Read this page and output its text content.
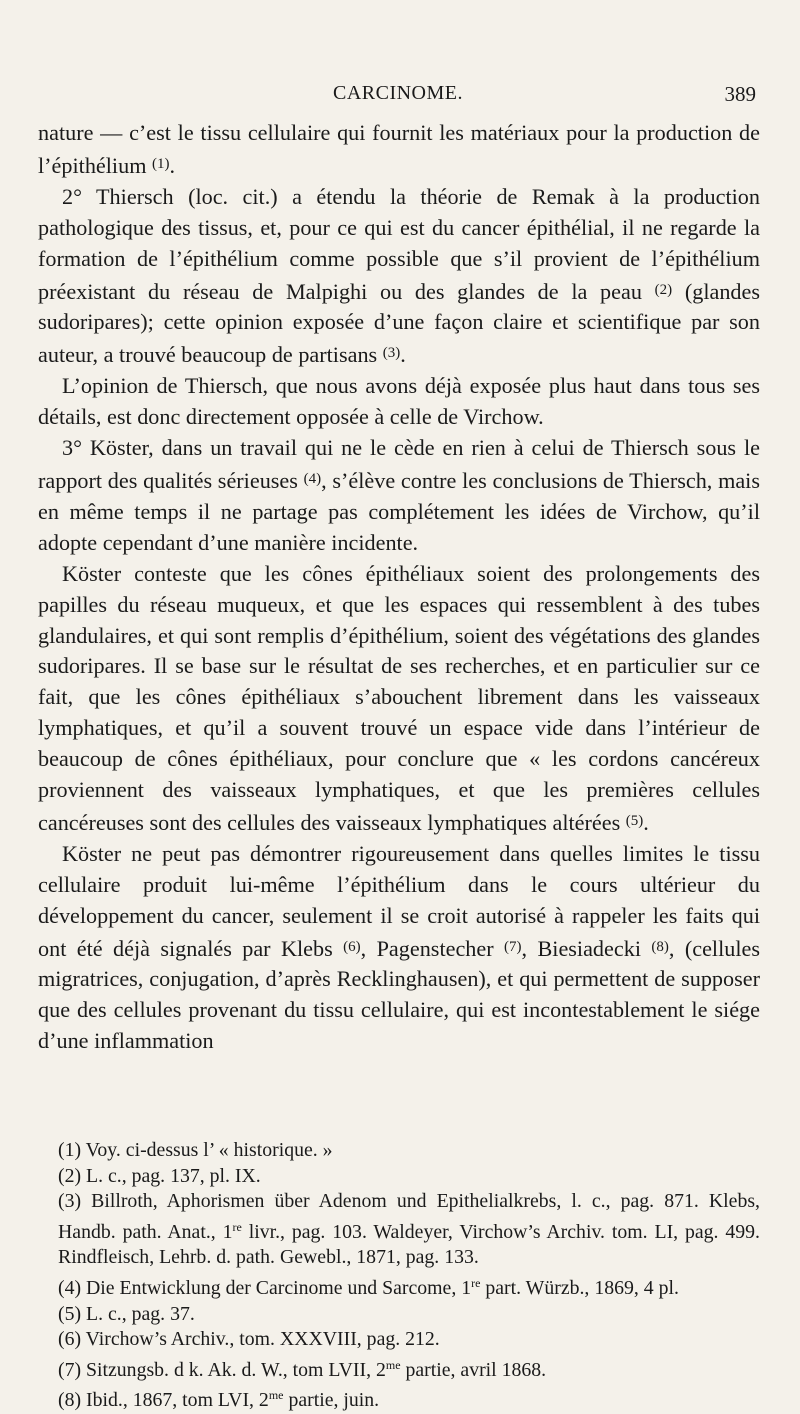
CARCINOME.	389

nature — c’est le tissu cellulaire qui fournit les matériaux pour la production de l’épithélium $^{(1)}$.

2° Thiersch (loc. cit.) a étendu la théorie de Remak à la production pathologique des tissus, et, pour ce qui est du cancer épithélial, il ne regarde la formation de l’épithélium comme possible que s’il provient de l’épithélium préexistant du réseau de Malpighi ou des glandes de la peau $^{(2)}$ (glandes sudoripares); cette opinion exposée d’une façon claire et scientifique par son auteur, a trouvé beaucoup de partisans $^{(3)}$.

L’opinion de Thiersch, que nous avons déjà exposée plus haut dans tous ses détails, est donc directement opposée à celle de Virchow.

3° Köster, dans un travail qui ne le cède en rien à celui de Thiersch sous le rapport des qualités sérieuses $^{(4)}$, s’élève contre les conclusions de Thiersch, mais en même temps il ne partage pas complétement les idées de Virchow, qu’il adopte cependant d’une manière incidente.

Köster conteste que les cônes épithéliaux soient des prolongements des papilles du réseau muqueux, et que les espaces qui ressemblent à des tubes glandulaires, et qui sont remplis d’épithélium, soient des végétations des glandes sudoripares. Il se base sur le résultat de ses recherches, et en particulier sur ce fait, que les cônes épithéliaux s’abouchent librement dans les vaisseaux lymphatiques, et qu’il a souvent trouvé un espace vide dans l’intérieur de beaucoup de cônes épithéliaux, pour conclure que « les cordons cancéreux proviennent des vaisseaux lymphatiques, et que les premières cellules cancéreuses sont des cellules des vaisseaux lymphatiques altérées $^{(5)}$.

Köster ne peut pas démontrer rigoureusement dans quelles limites le tissu cellulaire produit lui-même l’épithélium dans le cours ultérieur du développement du cancer, seulement il se croit autorisé à rappeler les faits qui ont été déjà signalés par Klebs $^{(6)}$, Pagenstecher $^{(7)}$, Biesiadecki $^{(8)}$, (cellules migratrices, conjugation, d’après Recklinghausen), et qui permettent de supposer que des cellules provenant du tissu cellulaire, qui est incontestablement le siége d’une inflammation

(1) Voy. ci-dessus l’ « historique. »

(2) L. c., pag. 137, pl. IX.

(3) Billroth, Aphorismen über Adenom und Epithelialkrebs, l. c., pag. 871. Klebs, Handb. path. Anat., 1re livr., pag. 103. Waldeyer, Virchow’s Archiv. tom. LI, pag. 499. Rindfleisch, Lehrb. d. path. Gewebl., 1871, pag. 133.

(4) Die Entwicklung der Carcinome und Sarcome, 1re part. Würzb., 1869, 4 pl.

(5) L. c., pag. 37.

(6) Virchow’s Archiv., tom. XXXVIII, pag. 212.

(7) Sitzungsb. d k. Ak. d. W., tom LVII, $2^{me}$ partie, avril 1868.

(8) Ibid., 1867, tom LVI, $2^{me}$ partie, juin.
